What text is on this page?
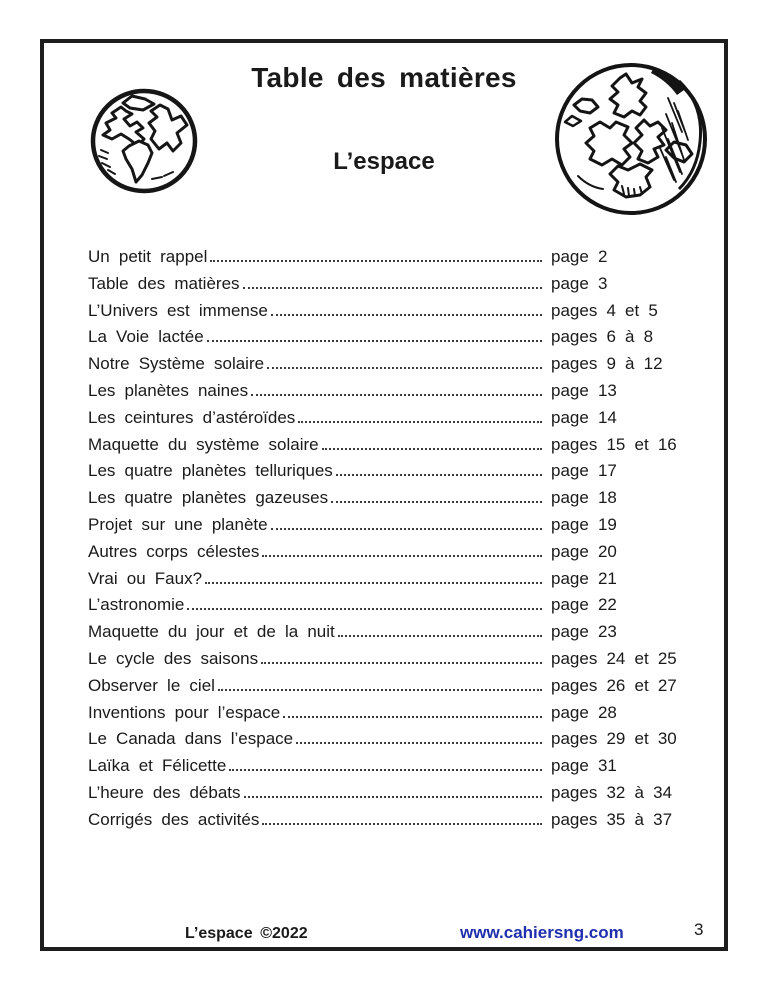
Table des matières
L’espace
Un petit rappel	page 2
Table des matières	page 3
L’Univers est immense	pages 4 et 5
La Voie lactée	pages 6 à 8
Notre Système solaire	pages 9 à 12
Les planètes naines	page 13
Les ceintures d’astéroïdes	page 14
Maquette du système solaire	pages 15 et 16
Les quatre planètes telluriques	page 17
Les quatre planètes gazeuses	page 18
Projet sur une planète	page 19
Autres corps célestes	page 20
Vrai ou Faux?	page 21
L’astronomie	page 22
Maquette du jour et de la nuit	page 23
Le cycle des saisons	pages 24 et 25
Observer le ciel	pages 26 et 27
Inventions pour l’espace	page 28
Le Canada dans l’espace	pages 29 et 30
Laïka et Félicette	page 31
L’heure des débats	pages 32 à 34
Corrigés des activités	pages 35 à 37
L’espace ©2022	www.cahiersng.com	3
